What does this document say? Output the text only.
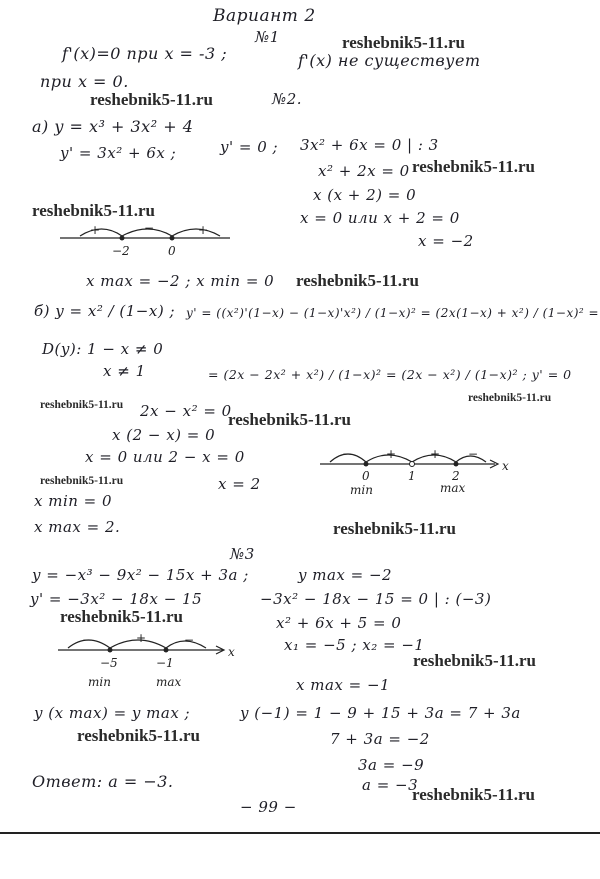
Вариант 2
№1
f'(x)=0 при x = -3 ;	f'(x) не существует
при x = 0.
№2.
а) y = x³ + 3x² + 4
y' = 3x² + 6x ;	y' = 0 ; 3x² + 6x = 0 | : 3
x² + 2x = 0
x (x + 2) = 0
x = 0 или x + 2 = 0
x = −2
+	−	+
−2	0
x max = −2 ; x min = 0
б) y = x² / (1−x) ; y' = ((x²)'(1−x) − (1−x)'x²) / (1−x)² = (2x(1−x) + x²) / (1−x)² =
D(y): 1 − x ≠ 0
x ≠ 1	= (2x − 2x² + x²) / (1−x)² = (2x − x²) / (1−x)² ; y' = 0
2x − x² = 0
x (2 − x) = 0
x = 0 или 2 − x = 0
x = 2
−	+	+ −
0	1	2
x
min	max
x min = 0
x max = 2.
№3
y = −x³ − 9x² − 15x + 3a ;	y max = −2
y' = −3x² − 18x − 15	−3x² − 18x − 15 = 0 | : (−3)
x² + 6x + 5 = 0
x₁ = −5 ; x₂ = −1
−	+	−
−5	−1
x
min	max	x max = −1
y (x max) = y max ;	y (−1) = 1 − 9 + 15 + 3a = 7 + 3a
7 + 3a = −2
3a = −9
a = −3
Ответ: a = −3.
− 99 −
reshebnik5-11.ru
reshebnik5-11.ru
reshebnik5-11.ru
reshebnik5-11.ru
reshebnik5-11.ru
reshebnik5-11.ru
reshebnik5-11.ru
reshebnik5-11.ru
reshebnik5-11.ru
reshebnik5-11.ru
reshebnik5-11.ru
reshebnik5-11.ru
reshebnik5-11.ru
reshebnik5-11.ru
